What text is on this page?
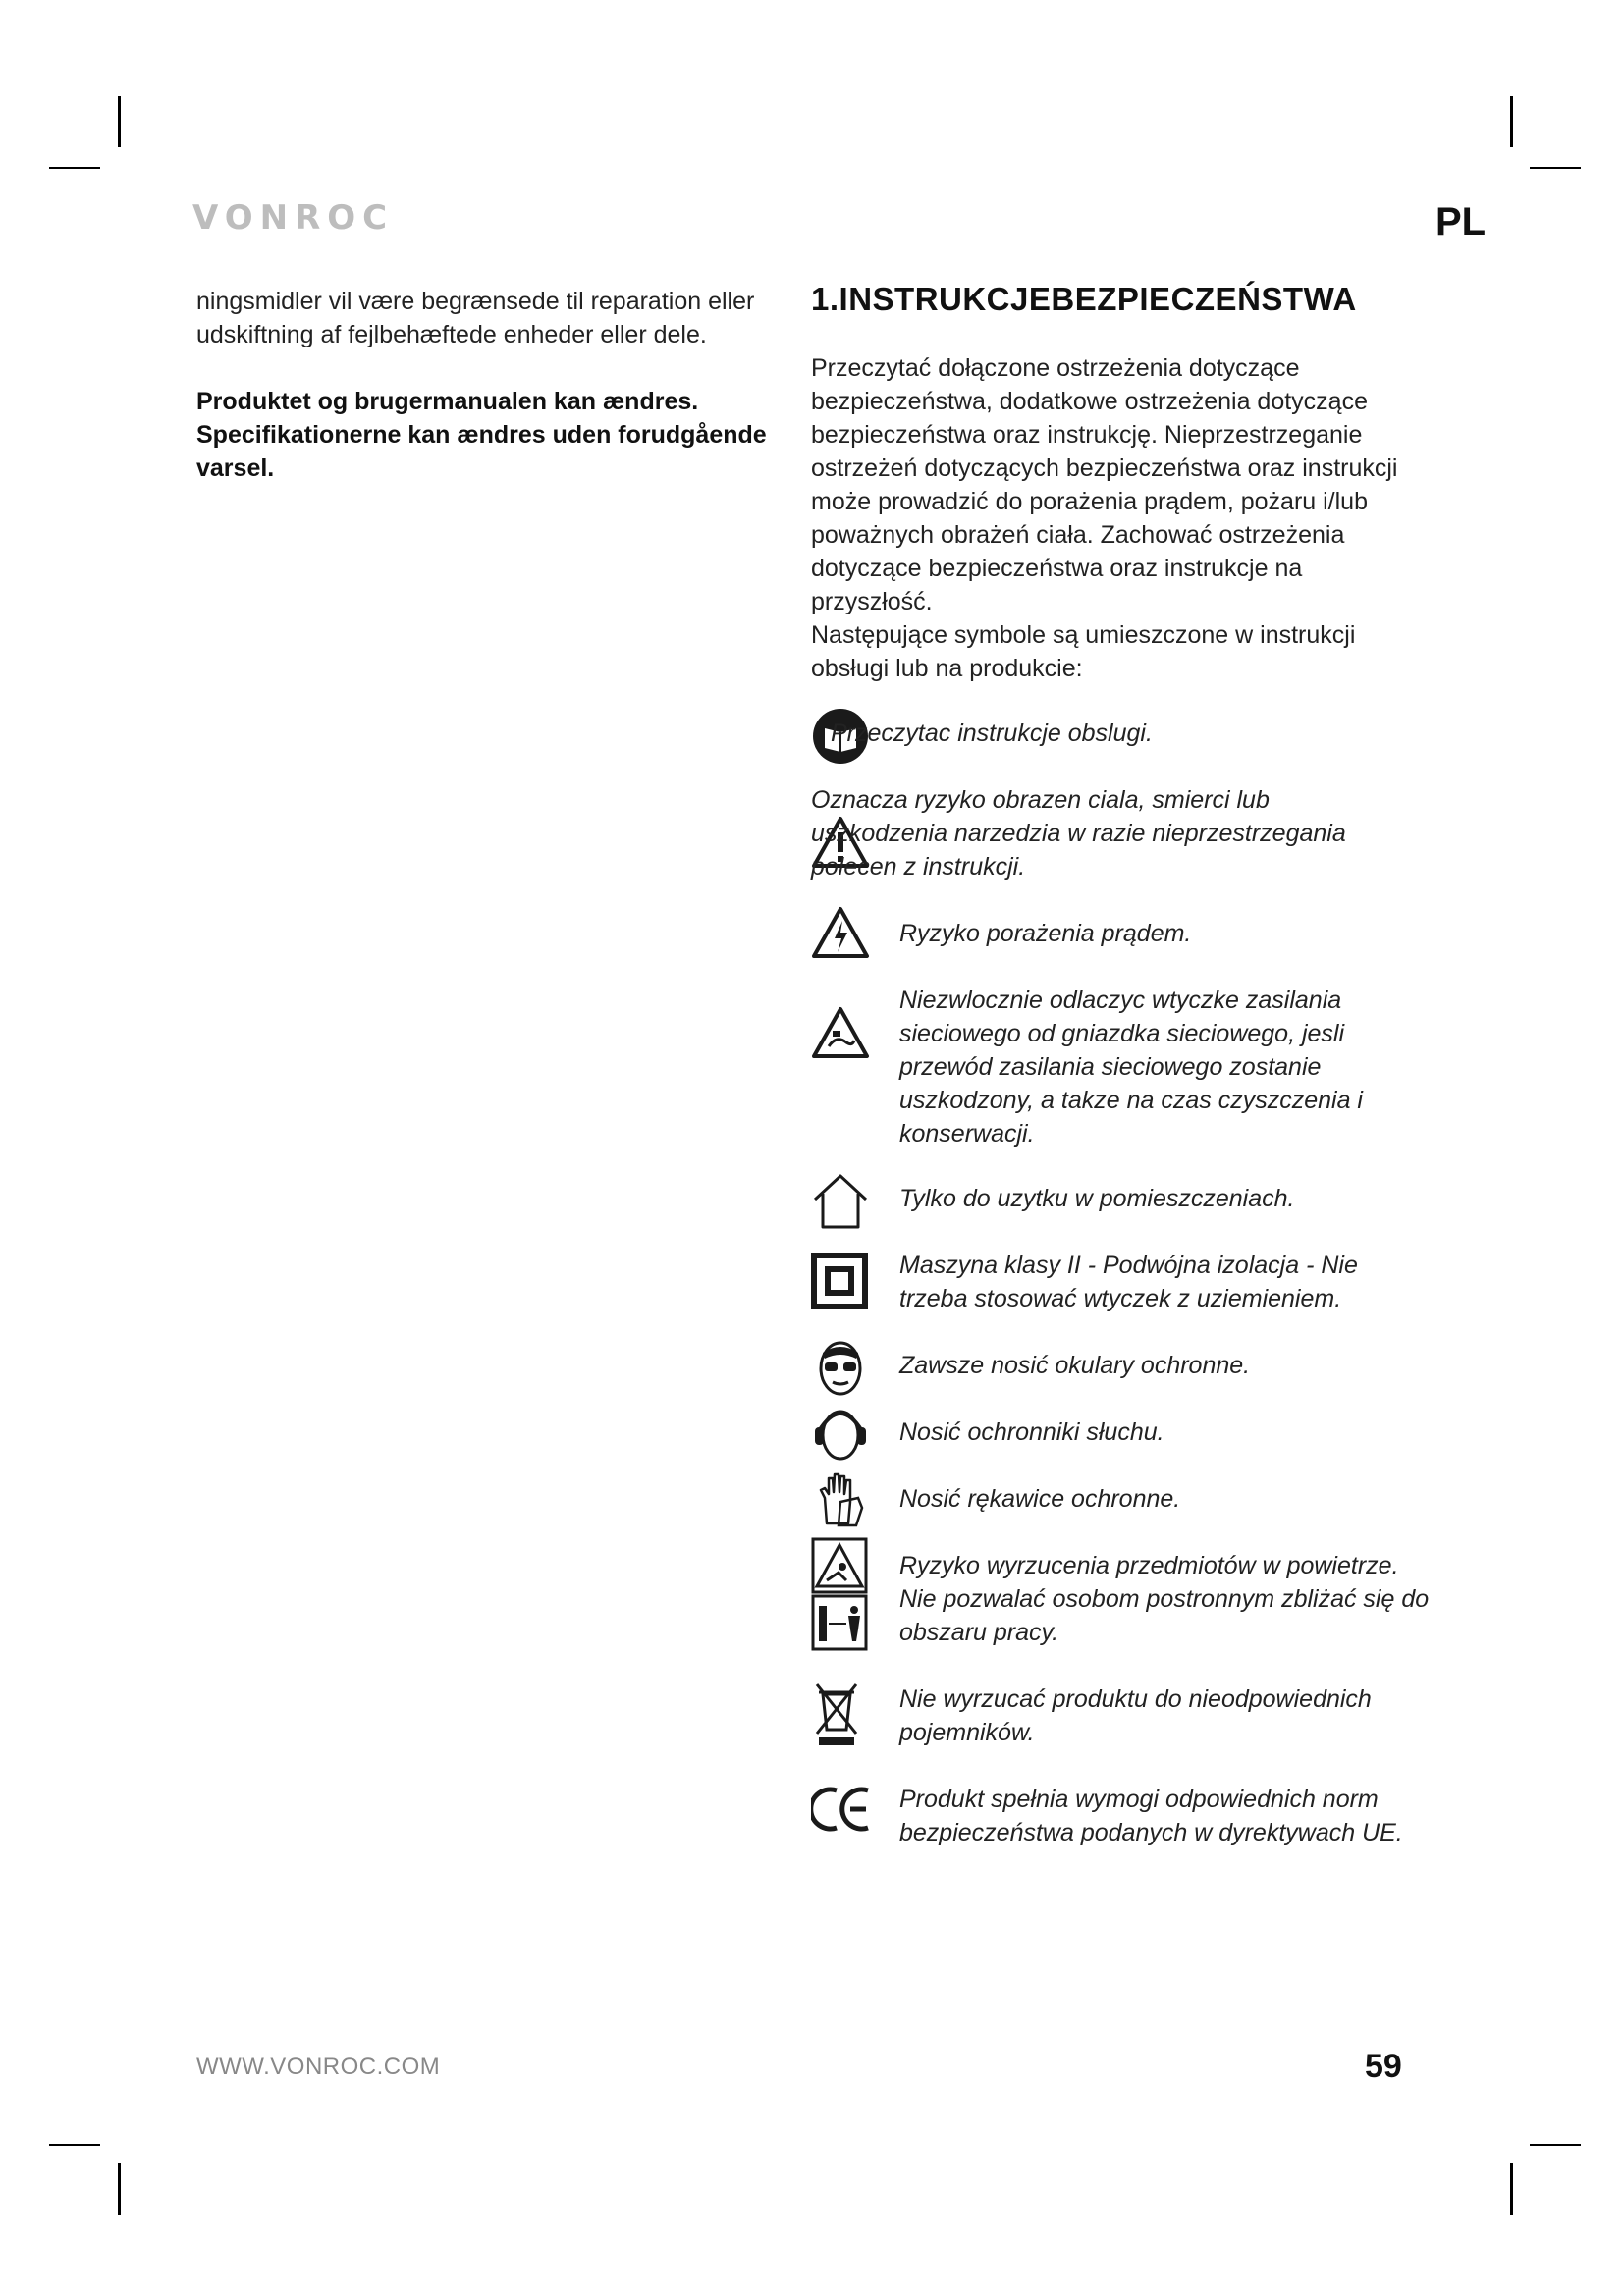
VONROC	PL

ningsmidler vil være begrænsede til reparation eller udskiftning af fejlbehæftede enheder eller dele.

Produktet og brugermanualen kan ændres. Specifikationerne kan ændres uden forudgående varsel.

1.INSTRUKCJEBEZPIECZEŃSTWA

Przeczytać dołączone ostrzeżenia dotyczące bezpieczeństwa, dodatkowe ostrzeżenia dotyczące bezpieczeństwa oraz instrukcję. Nieprzestrzeganie ostrzeżeń dotyczących bezpieczeństwa oraz instrukcji może prowadzić do porażenia prądem, pożaru i/lub poważnych obrażeń ciała. Zachować ostrzeżenia dotyczące bezpieczeństwa oraz instrukcje na przyszłość.

Następujące symbole są umieszczone w instrukcji obsługi lub na produkcie:

Przeczytac instrukcje obslugi.

Oznacza ryzyko obrazen ciala, smierci lub uszkodzenia narzedzia w razie nieprzestrzegania polecen z instrukcji.

Ryzyko porażenia prądem.

Niezwlocznie odlaczyc wtyczke zasilania sieciowego od gniazdka sieciowego, jesli przewód zasilania sieciowego zostanie uszkodzony, a takze na czas czyszczenia i konserwacji.

Tylko do uzytku w pomieszczeniach.

Maszyna klasy II - Podwójna izolacja - Nie trzeba stosować wtyczek z uziemieniem.

Zawsze nosić okulary ochronne.

Nosić ochronniki słuchu.

Nosić rękawice ochronne.

Ryzyko wyrzucenia przedmiotów w powietrze. Nie pozwalać osobom postronnym zbliżać się do obszaru pracy.

Nie wyrzucać produktu do nieodpowiednich pojemników.

Produkt spełnia wymogi odpowiednich norm bezpieczeństwa podanych w dyrektywach UE.

WWW.VONROC.COM	59
